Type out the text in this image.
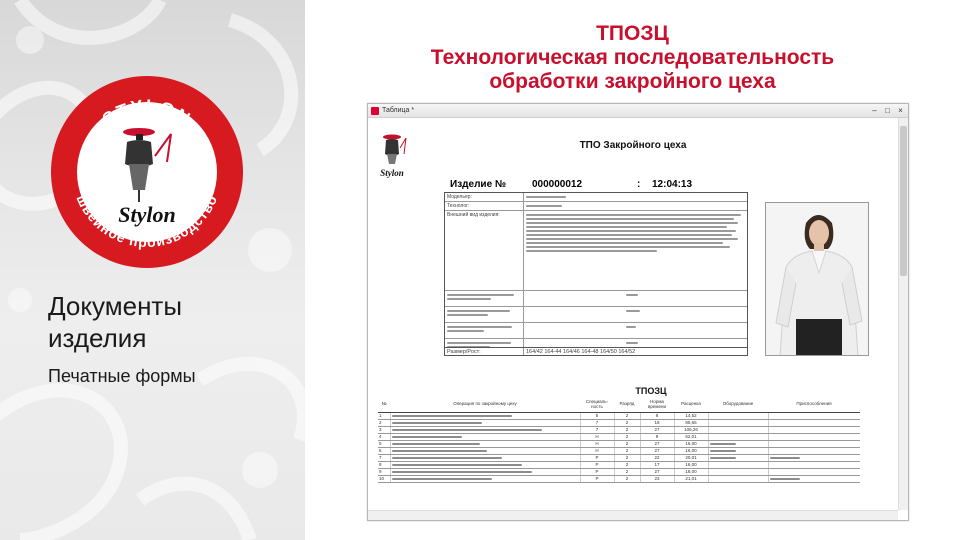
STYLON
швейное производство
Stylon
Документы
изделия
Печатные формы
ТПОЗЦ
Технологическая последовательность
обработки закройного цеха
Таблица *	– □ ×
Stylon
ТПО Закройного цеха
Изделие №	000000012	:	12:04:13
Модельер:
Технолог:
Внешний вид изделия:
Размер/Рост:	164/42 164-44 164/46 164-48 164/50 164/52
ТПОЗЦ
№	Операция по закройному цеху	Специаль-ность	Разряд	Норма времени	Расценка	Оборудование	Приспособления
1		5	2	8	14,52		
2		7	2	18	85,65		
3		7	2	27	106,26		
4		Н	2	9	62,01		
5		Н	2	27	16,00		
6		Н	2	27	16,00		
7		Р	2	22	20,01		
8		Р	2	17	16,00		
9		Р	2	27	18,00		
10		Р	2	23	21,01		
